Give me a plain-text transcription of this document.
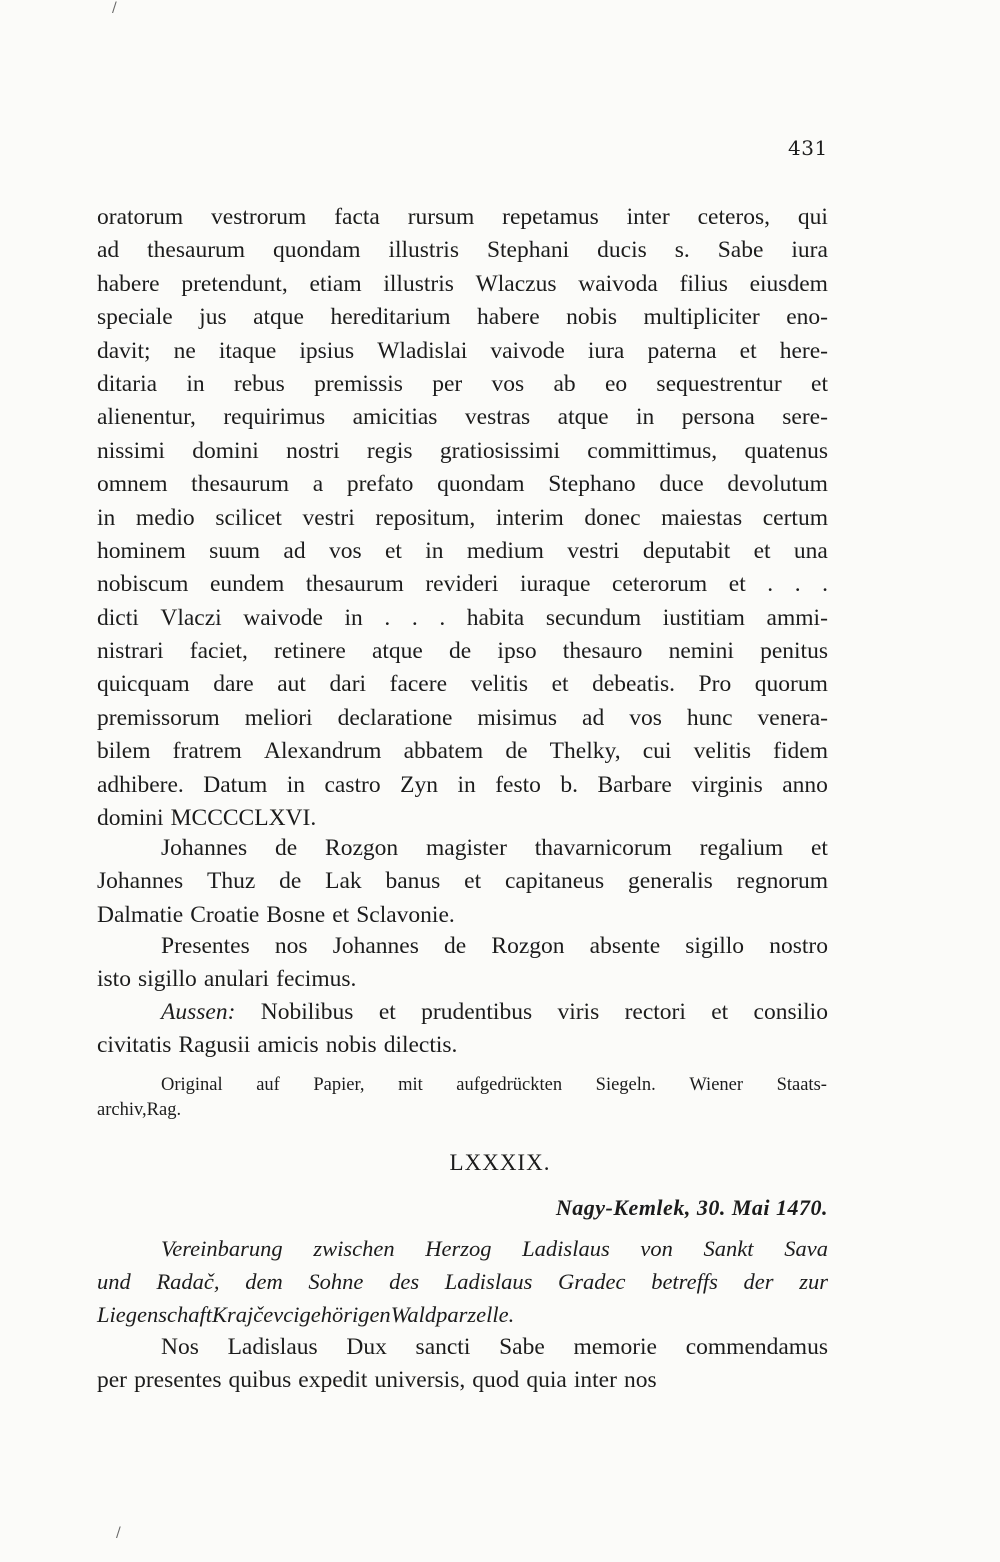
431
oratorum vestrorum facta rursum repetamus inter ceteros, qui
ad thesaurum quondam illustris Stephani ducis s. Sabe iura
habere pretendunt, etiam illustris Wlaczus waivoda filius eiusdem
speciale jus atque hereditarium habere nobis multipliciter eno-
davit; ne itaque ipsius Wladislai vaivode iura paterna et here-
ditaria in rebus premissis per vos ab eo sequestrentur et
alienentur, requirimus amicitias vestras atque in persona sere-
nissimi domini nostri regis gratiosissimi committimus, quatenus
omnem thesaurum a prefato quondam Stephano duce devolutum
in medio scilicet vestri repositum, interim donec maiestas certum
hominem suum ad vos et in medium vestri deputabit et una
nobiscum eundem thesaurum revideri iuraque ceterorum et . . .
dicti Vlaczi waivode in . . . habita secundum iustitiam ammi-
nistrari faciet, retinere atque de ipso thesauro nemini penitus
quicquam dare aut dari facere velitis et debeatis. Pro quorum
premissorum meliori declaratione misimus ad vos hunc venera-
bilem fratrem Alexandrum abbatem de Thelky, cui velitis fidem
adhibere. Datum in castro Zyn in festo b. Barbare virginis anno
domini MCCCCLXVI.
Johannes de Rozgon magister thavarnicorum regalium et
Johannes Thuz de Lak banus et capitaneus generalis regnorum
Dalmatie Croatie Bosne et Sclavonie.
Presentes nos Johannes de Rozgon absente sigillo nostro
isto sigillo anulari fecimus.
Aussen: Nobilibus et prudentibus viris rectori et consilio
civitatis Ragusii amicis nobis dilectis.
Original auf Papier, mit aufgedrückten Siegeln. Wiener Staats-
archiv, Rag.
LXXXIX.
Nagy-Kemlek, 30. Mai 1470.
Vereinbarung zwischen Herzog Ladislaus von Sankt Sava
und Radač, dem Sohne des Ladislaus Gradec betreffs der zur
Liegenschaft Krajčevci gehörigen Waldparzelle.
Nos Ladislaus Dux sancti Sabe memorie commendamus
per presentes quibus expedit universis, quod quia inter nos
/
/
